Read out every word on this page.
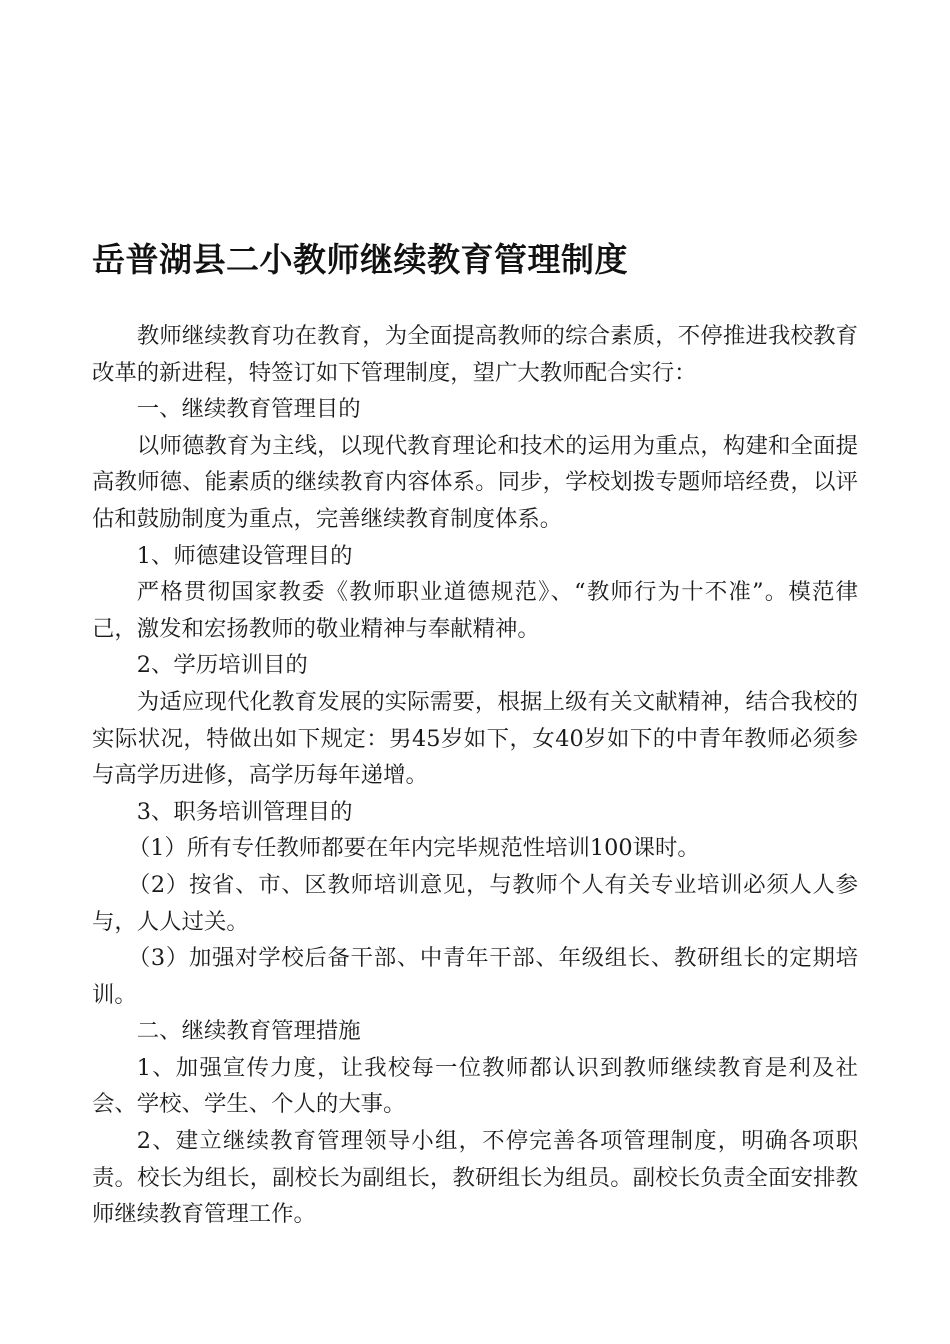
岳普湖县二小教师继续教育管理制度

教师继续教育功在教育，为全面提高教师的综合素质，不停推进我校教育改革的新进程，特签订如下管理制度，望广大教师配合实行：

一、继续教育管理目的

以师德教育为主线，以现代教育理论和技术的运用为重点，构建和全面提高教师德、能素质的继续教育内容体系。同步，学校划拨专题师培经费，以评估和鼓励制度为重点，完善继续教育制度体系。

1、师德建设管理目的

严格贯彻国家教委《教师职业道德规范》、“教师行为十不准”。模范律己，激发和宏扬教师的敬业精神与奉献精神。

2、学历培训目的

为适应现代化教育发展的实际需要，根据上级有关文献精神，结合我校的实际状况，特做出如下规定：男45岁如下，女40岁如下的中青年教师必须参与高学历进修，高学历每年递增。

3、职务培训管理目的

（1）所有专任教师都要在年内完毕规范性培训100课时。

（2）按省、市、区教师培训意见，与教师个人有关专业培训必须人人参与，人人过关。

（3）加强对学校后备干部、中青年干部、年级组长、教研组长的定期培训。

二、继续教育管理措施

1、加强宣传力度，让我校每一位教师都认识到教师继续教育是利及社会、学校、学生、个人的大事。

2、建立继续教育管理领导小组，不停完善各项管理制度，明确各项职责。校长为组长，副校长为副组长，教研组长为组员。副校长负责全面安排教师继续教育管理工作。
